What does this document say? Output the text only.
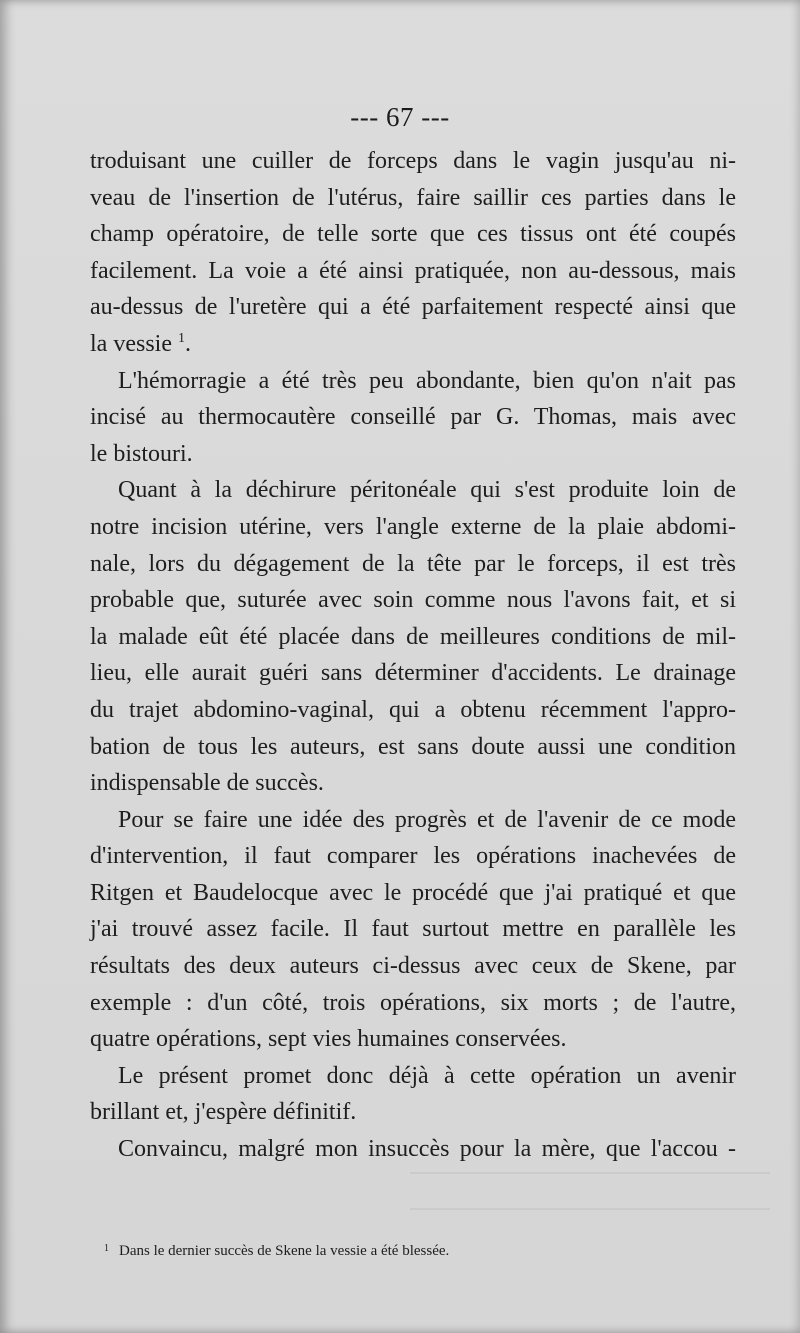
--- 67 ---

troduisant une cuiller de forceps dans le vagin jusqu'au ni-
veau de l'insertion de l'utérus, faire saillir ces parties dans le
champ opératoire, de telle sorte que ces tissus ont été coupés
facilement. La voie a été ainsi pratiquée, non au-dessous, mais
au-dessus de l'uretère qui a été parfaitement respecté ainsi que
la vessie $^1$.

L'hémorragie a été très peu abondante, bien qu'on n'ait pas
incisé au thermocautère conseillé par G. Thomas, mais avec
le bistouri.

Quant à la déchirure péritonéale qui s'est produite loin de
notre incision utérine, vers l'angle externe de la plaie abdomi-
nale, lors du dégagement de la tête par le forceps, il est très
probable que, suturée avec soin comme nous l'avons fait, et si
la malade eût été placée dans de meilleures conditions de mil-
lieu, elle aurait guéri sans déterminer d'accidents. Le drainage
du trajet abdomino-vaginal, qui a obtenu récemment l'appro-
bation de tous les auteurs, est sans doute aussi une condition
indispensable de succès.

Pour se faire une idée des progrès et de l'avenir de ce mode
d'intervention, il faut comparer les opérations inachevées de
Ritgen et Baudelocque avec le procédé que j'ai pratiqué et que
j'ai trouvé assez facile. Il faut surtout mettre en parallèle les
résultats des deux auteurs ci-dessus avec ceux de Skene, par
exemple : d'un côté, trois opérations, six morts ; de l'autre,
quatre opérations, sept vies humaines conservées.

Le présent promet donc déjà à cette opération un avenir
brillant et, j'espère définitif.

Convaincu, malgré mon insuccès pour la mère, que l'accou -

$^1$ Dans le dernier succès de Skene la vessie a été blessée.
